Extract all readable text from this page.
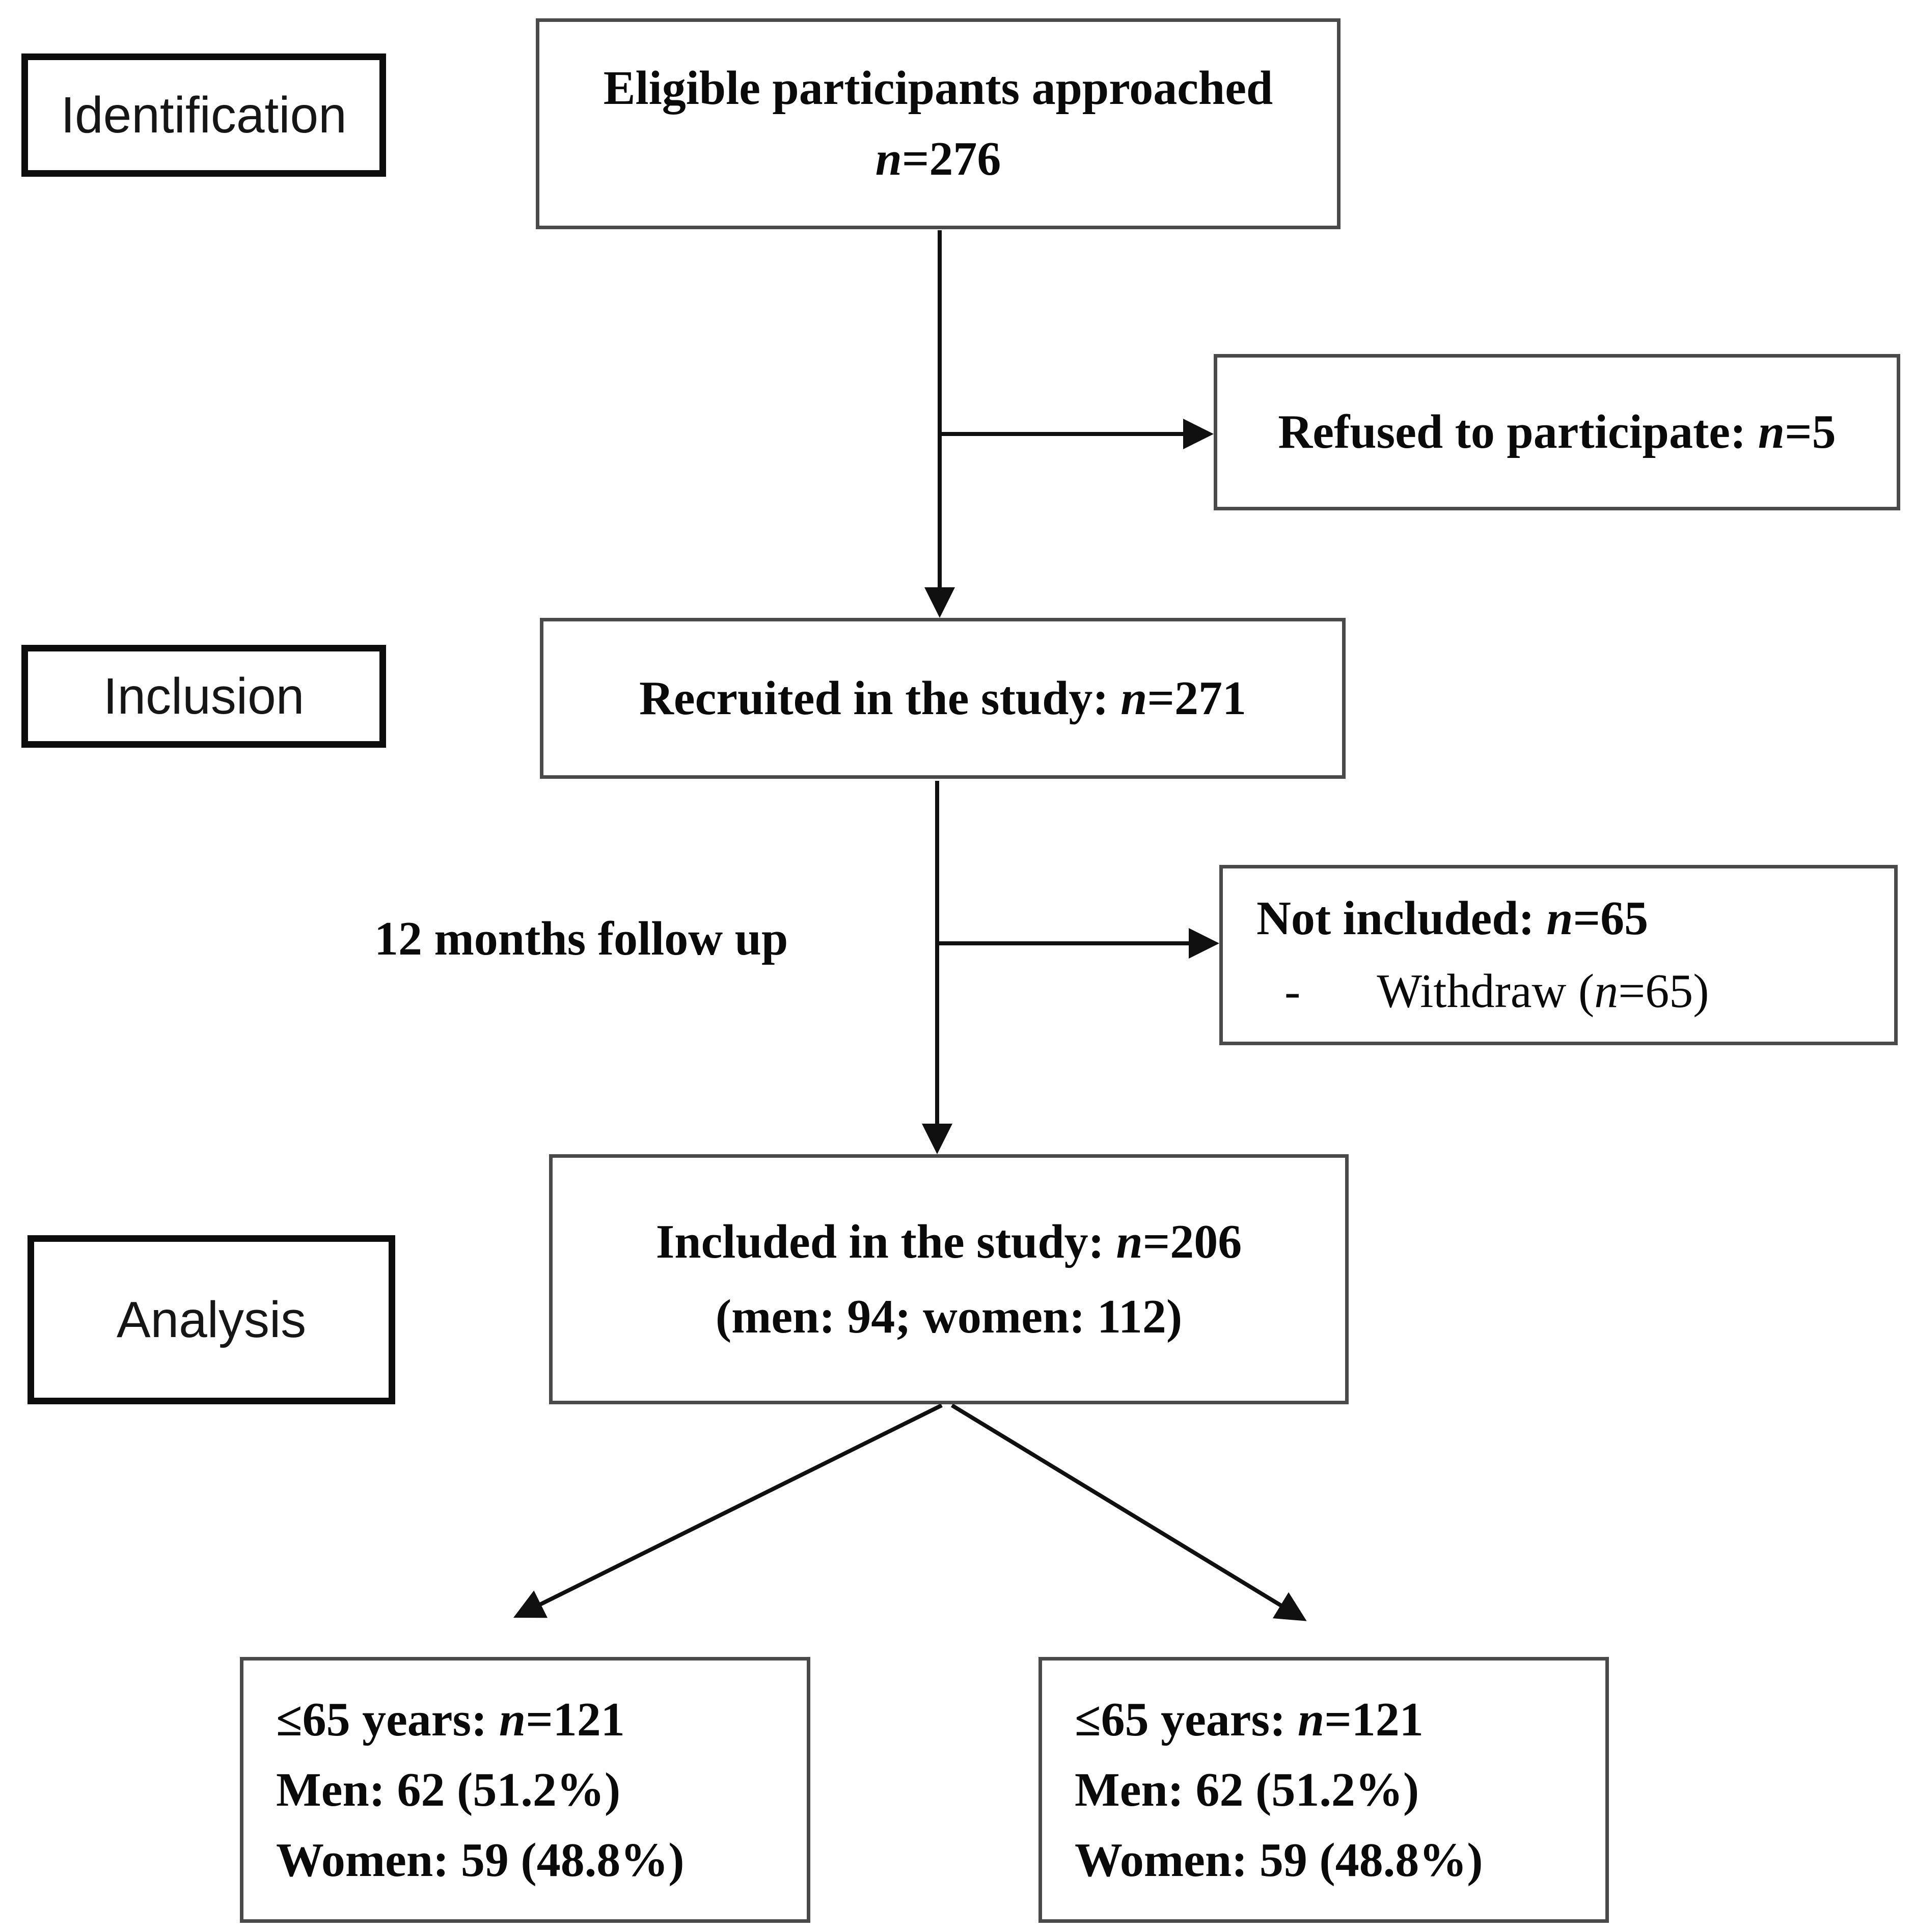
Identification
Inclusion
Analysis
Eligible participants approached
n=276
Refused to participate: n=5
Recruited in the study: n=271
12 months follow up	Not included: n=65
- Withdraw (n=65)
Included in the study: n=206
(men: 94; women: 112)
≤65 years: n=121
Men: 62 (51.2%)
Women: 59 (48.8%)
≤65 years: n=121
Men: 62 (51.2%)
Women: 59 (48.8%)
